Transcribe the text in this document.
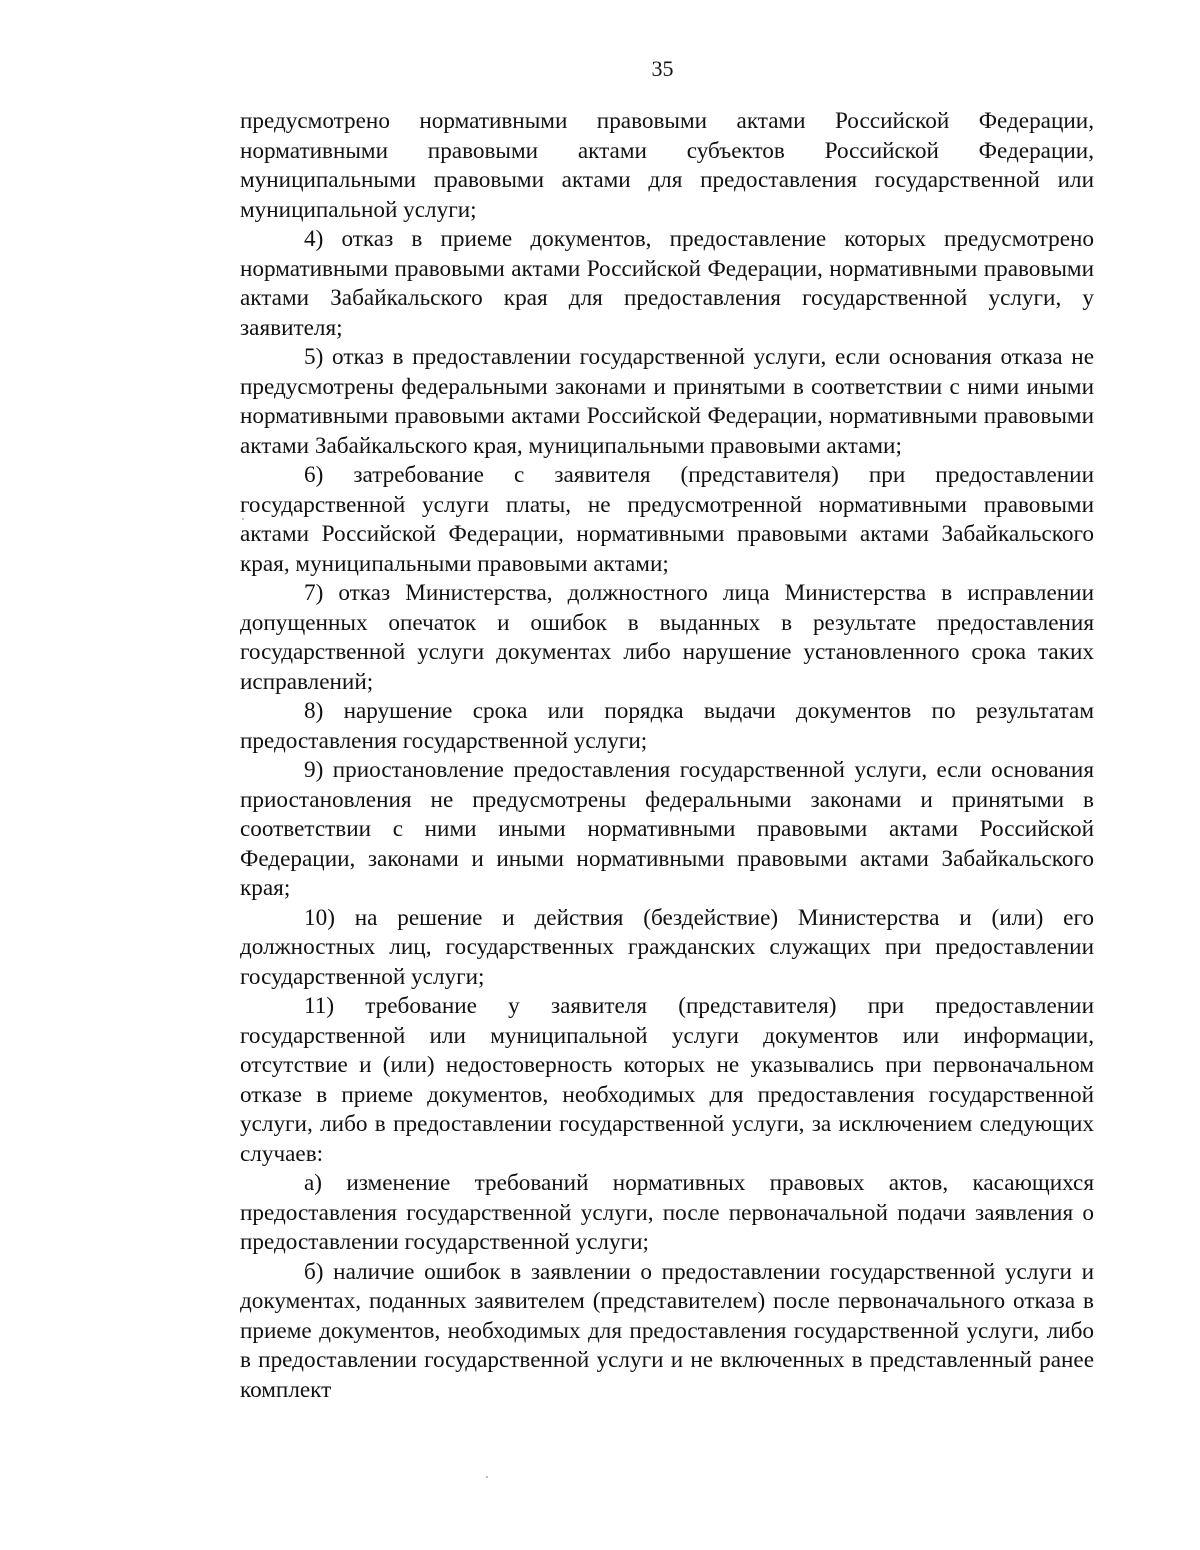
35

предусмотрено нормативными правовыми актами Российской Федерации, нормативными правовыми актами субъектов Российской Федерации, муниципальными правовыми актами для предоставления государственной или муниципальной услуги;

4) отказ в приеме документов, предоставление которых предусмотрено нормативными правовыми актами Российской Федерации, нормативными правовыми актами Забайкальского края для предоставления государственной услуги, у заявителя;

5) отказ в предоставлении государственной услуги, если основания отказа не предусмотрены федеральными законами и принятыми в соответствии с ними иными нормативными правовыми актами Российской Федерации, нормативными правовыми актами Забайкальского края, муниципальными правовыми актами;

6) затребование с заявителя (представителя) при предоставлении государственной услуги платы, не предусмотренной нормативными правовыми актами Российской Федерации, нормативными правовыми актами Забайкальского края, муниципальными правовыми актами;

7) отказ Министерства, должностного лица Министерства в исправлении допущенных опечаток и ошибок в выданных в результате предоставления государственной услуги документах либо нарушение установленного срока таких исправлений;

8) нарушение срока или порядка выдачи документов по результатам предоставления государственной услуги;

9) приостановление предоставления государственной услуги, если основания приостановления не предусмотрены федеральными законами и принятыми в соответствии с ними иными нормативными правовыми актами Российской Федерации, законами и иными нормативными правовыми актами Забайкальского края;

10) на решение и действия (бездействие) Министерства и (или) его должностных лиц, государственных гражданских служащих при предоставлении государственной услуги;

11) требование у заявителя (представителя) при предоставлении государственной или муниципальной услуги документов или информации, отсутствие и (или) недостоверность которых не указывались при первоначальном отказе в приеме документов, необходимых для предоставления государственной услуги, либо в предоставлении государственной услуги, за исключением следующих случаев:

а) изменение требований нормативных правовых актов, касающихся предоставления государственной услуги, после первоначальной подачи заявления о предоставлении государственной услуги;

б) наличие ошибок в заявлении о предоставлении государственной услуги и документах, поданных заявителем (представителем) после первоначального отказа в приеме документов, необходимых для предоставления государственной услуги, либо в предоставлении государственной услуги и не включенных в представленный ранее комплект
